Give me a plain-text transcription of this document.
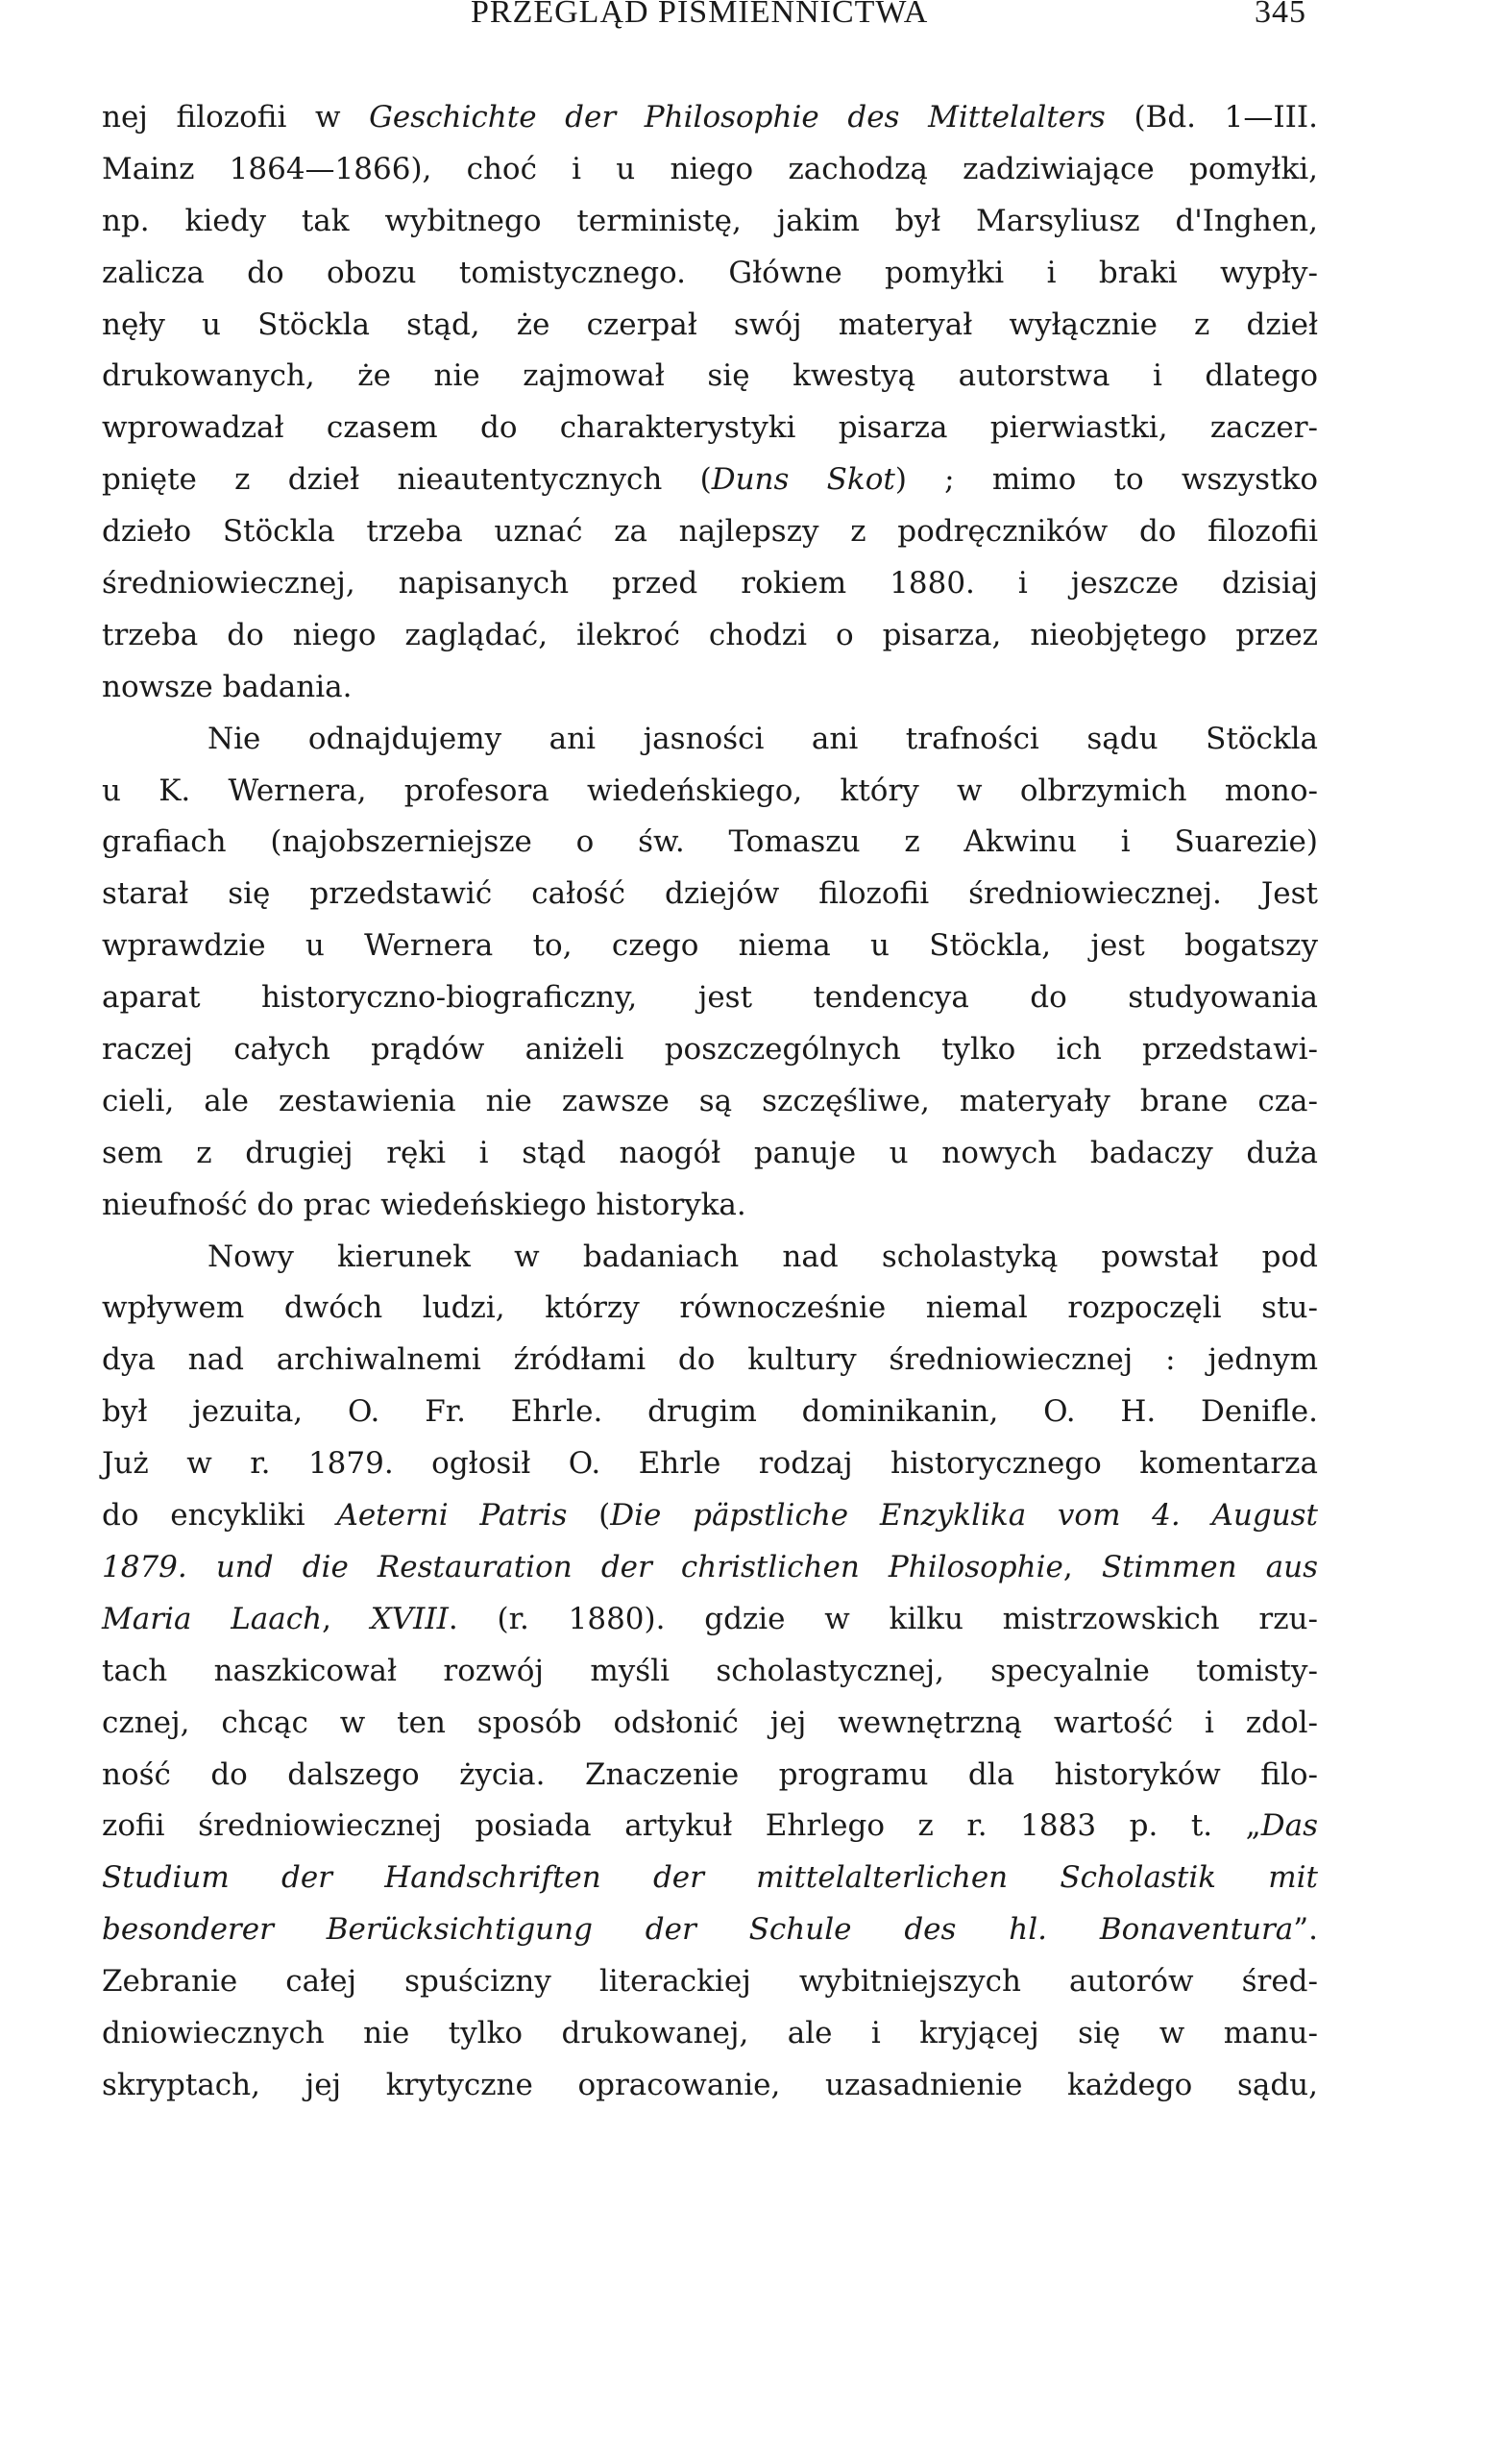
PRZEGLĄD PISMIENNICTWA	345
nej filozofii w Geschichte der Philosophie des Mittelalters (Bd. 1—III.
Mainz 1864—1866), choć i u niego zachodzą zadziwiające pomyłki,
np. kiedy tak wybitnego terministę, jakim był Marsyliusz d'Inghen,
zalicza do obozu tomistycznego. Główne pomyłki i braki wypły-
nęły u Stöckla stąd, że czerpał swój materyał wyłącznie z dzieł
drukowanych, że nie zajmował się kwestyą autorstwa i dlatego
wprowadzał czasem do charakterystyki pisarza pierwiastki, zaczer-
pnięte z dzieł nieautentycznych (Duns Skot) ; mimo to wszystko
dzieło Stöckla trzeba uznać za najlepszy z podręczników do filozofii
średniowiecznej, napisanych przed rokiem 1880. i jeszcze dzisiaj
trzeba do niego zaglądać, ilekroć chodzi o pisarza, nieobjętego przez
nowsze badania.
Nie odnajdujemy ani jasności ani trafności sądu Stöckla
u K. Wernera, profesora wiedeńskiego, który w olbrzymich mono-
grafiach (najobszerniejsze o św. Tomaszu z Akwinu i Suarezie)
starał się przedstawić całość dziejów filozofii średniowiecznej. Jest
wprawdzie u Wernera to, czego niema u Stöckla, jest bogatszy
aparat historyczno-biograficzny, jest tendencya do studyowania
raczej całych prądów aniżeli poszczególnych tylko ich przedstawi-
cieli, ale zestawienia nie zawsze są szczęśliwe, materyały brane cza-
sem z drugiej ręki i stąd naogół panuje u nowych badaczy duża
nieufność do prac wiedeńskiego historyka.
Nowy kierunek w badaniach nad scholastyką powstał pod
wpływem dwóch ludzi, którzy równocześnie niemal rozpoczęli stu-
dya nad archiwalnemi źródłami do kultury średniowiecznej : jednym
był jezuita, O. Fr. Ehrle. drugim dominikanin, O. H. Denifle.
Już w r. 1879. ogłosił O. Ehrle rodzaj historycznego komentarza
do encykliki Aeterni Patris (Die päpstliche Enzyklika vom 4. August
1879. und die Restauration der christlichen Philosophie, Stimmen aus
Maria Laach, XVIII. (r. 1880). gdzie w kilku mistrzowskich rzu-
tach naszkicował rozwój myśli scholastycznej, specyalnie tomisty-
cznej, chcąc w ten sposób odsłonić jej wewnętrzną wartość i zdol-
ność do dalszego życia. Znaczenie programu dla historyków filo-
zofii średniowiecznej posiada artykuł Ehrlego z r. 1883 p. t. „Das
Studium der Handschriften der mittelalterlichen Scholastik mit
besonderer Berücksichtigung der Schule des hl. Bonaventura”.
Zebranie całej spuścizny literackiej wybitniejszych autorów śred-
dniowiecznych nie tylko drukowanej, ale i kryjącej się w manu-
skryptach, jej krytyczne opracowanie, uzasadnienie każdego sądu,
